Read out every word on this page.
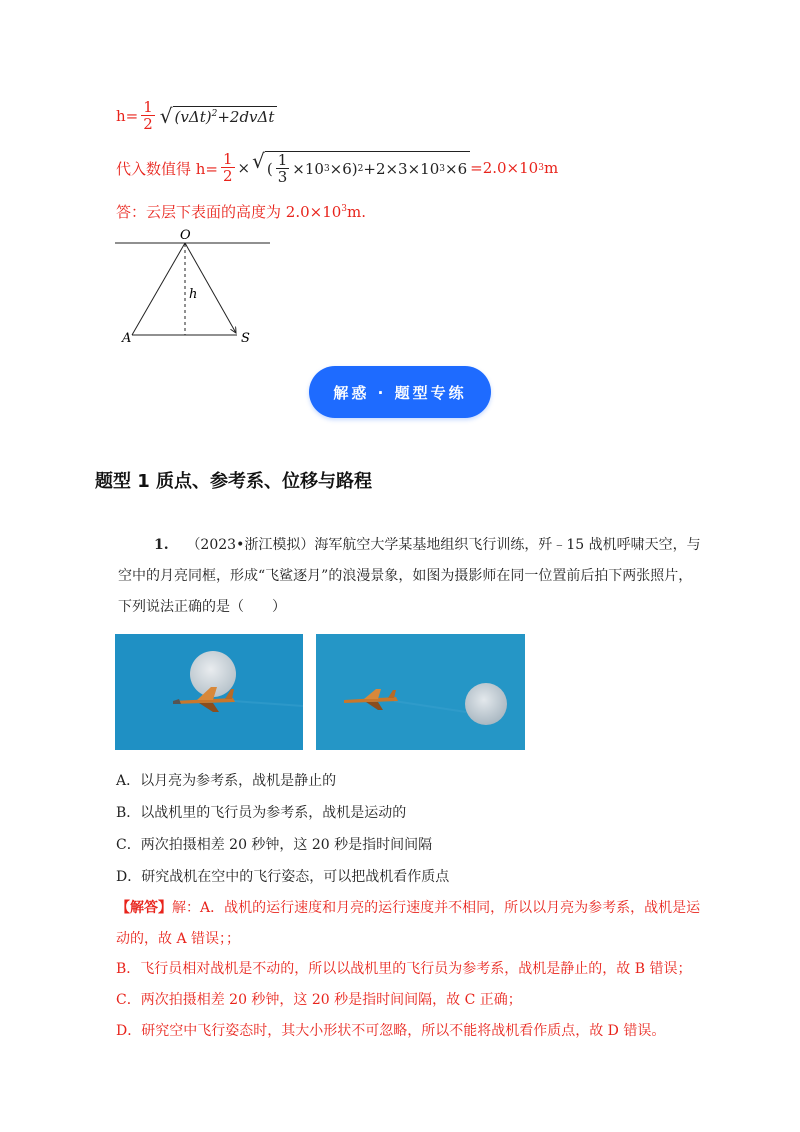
$h= \frac{1}{2}$ √ $(v\Delta t)^2+2dv\Delta t$
代入数值得 $h= \frac{1}{2}$ × √ ( $\frac{1}{3} \times 10$ 3 ×6) 2 +2×3×10 3 ×6 =2.0×10 3 m
答：云层下表面的高度为 $2.0\times 10^3m$.
O
h
A	S
解惑 · 题型专练
题型 1 质点、参考系、位移与路程
1. （2023•浙江模拟）海军航空大学某基地组织飞行训练，歼﹣15 战机呼啸天空，与空中的月亮同框，形成“飞鲨逐月”的浪漫景象，如图为摄影师在同一位置前后拍下两张照片，下列说法正确的是（　　）
A．以月亮为参考系，战机是静止的
B．以战机里的飞行员为参考系，战机是运动的
C．两次拍摄相差 20 秒钟，这 20 秒是指时间间隔
D．研究战机在空中的飞行姿态，可以把战机看作质点
【解答】解：A．战机的运行速度和月亮的运行速度并不相同，所以以月亮为参考系，战机是运动的，故 A 错误；；
B．飞行员相对战机是不动的，所以以战机里的飞行员为参考系，战机是静止的，故 B 错误；
C．两次拍摄相差 20 秒钟，这 20 秒是指时间间隔，故 C 正确；
D．研究空中飞行姿态时，其大小形状不可忽略，所以不能将战机看作质点，故 D 错误。
